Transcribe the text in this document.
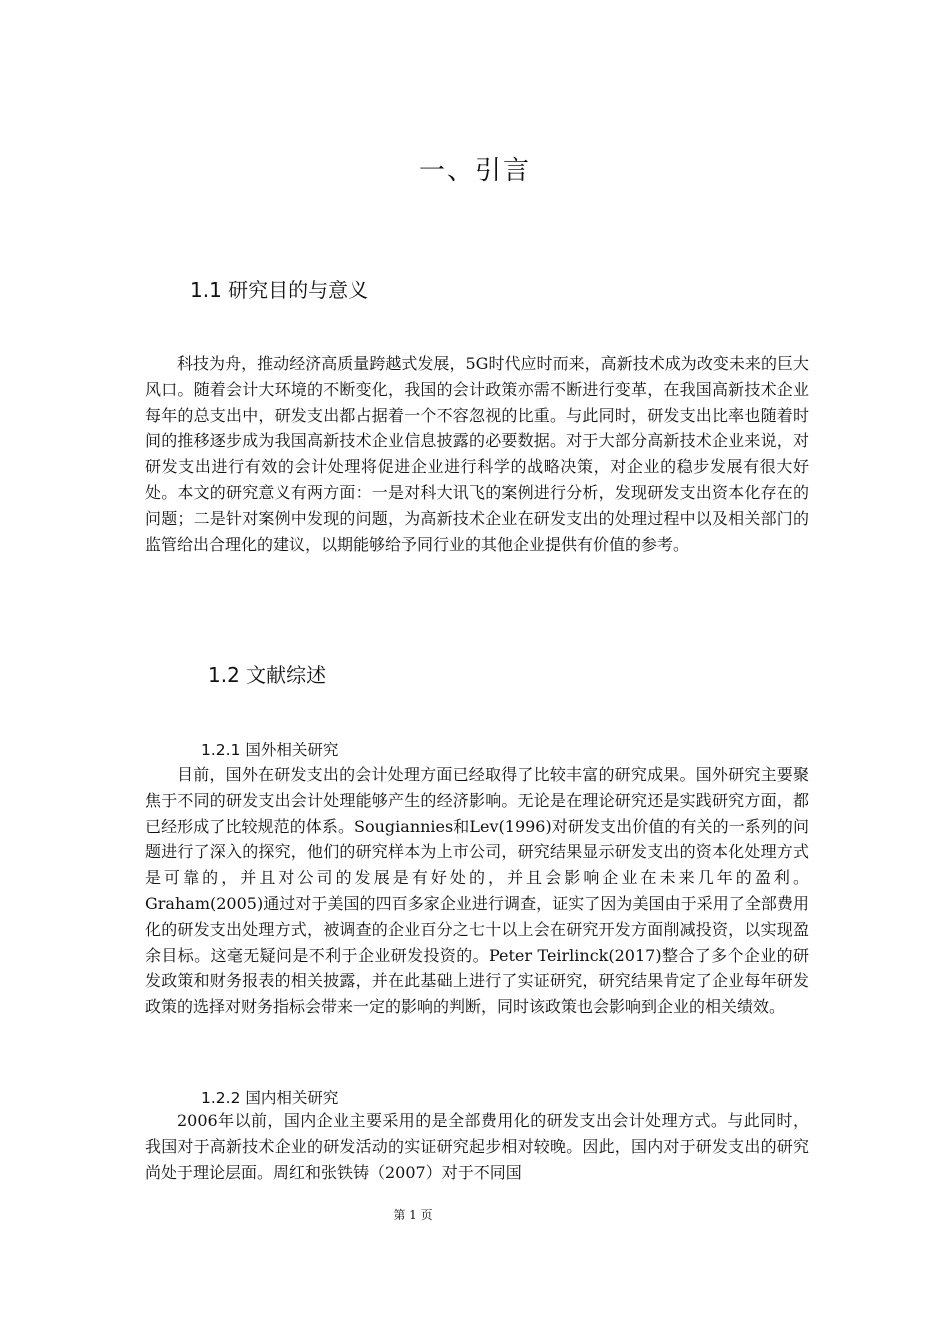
一、引言
1.1 研究目的与意义

科技为舟，推动经济高质量跨越式发展，5G时代应时而来，高新技术成为改变未来的巨大风口。随着会计大环境的不断变化，我国的会计政策亦需不断进行变革，在我国高新技术企业每年的总支出中，研发支出都占据着一个不容忽视的比重。与此同时，研发支出比率也随着时间的推移逐步成为我国高新技术企业信息披露的必要数据。对于大部分高新技术企业来说，对研发支出进行有效的会计处理将促进企业进行科学的战略决策，对企业的稳步发展有很大好处。本文的研究意义有两方面：一是对科大讯飞的案例进行分析，发现研发支出资本化存在的问题；二是针对案例中发现的问题，为高新技术企业在研发支出的处理过程中以及相关部门的监管给出合理化的建议，以期能够给予同行业的其他企业提供有价值的参考。

1.2 文献综述
1.2.1 国外相关研究

目前，国外在研发支出的会计处理方面已经取得了比较丰富的研究成果。国外研究主要聚焦于不同的研发支出会计处理能够产生的经济影响。无论是在理论研究还是实践研究方面，都已经形成了比较规范的体系。Sougiannies和Lev(1996)对研发支出价值的有关的一系列的问题进行了深入的探究，他们的研究样本为上市公司，研究结果显示研发支出的资本化处理方式是可靠的，并且对公司的发展是有好处的，并且会影响企业在未来几年的盈利。Graham(2005)通过对于美国的四百多家企业进行调查，证实了因为美国由于采用了全部费用化的研发支出处理方式，被调查的企业百分之七十以上会在研究开发方面削减投资，以实现盈余目标。这毫无疑问是不利于企业研发投资的。Peter Teirlinck(2017)整合了多个企业的研发政策和财务报表的相关披露，并在此基础上进行了实证研究，研究结果肯定了企业每年研发政策的选择对财务指标会带来一定的影响的判断，同时该政策也会影响到企业的相关绩效。

1.2.2 国内相关研究

2006年以前，国内企业主要采用的是全部费用化的研发支出会计处理方式。与此同时，我国对于高新技术企业的研发活动的实证研究起步相对较晚。因此，国内对于研发支出的研究尚处于理论层面。周红和张铁铸（2007）对于不同国

第 1 页
